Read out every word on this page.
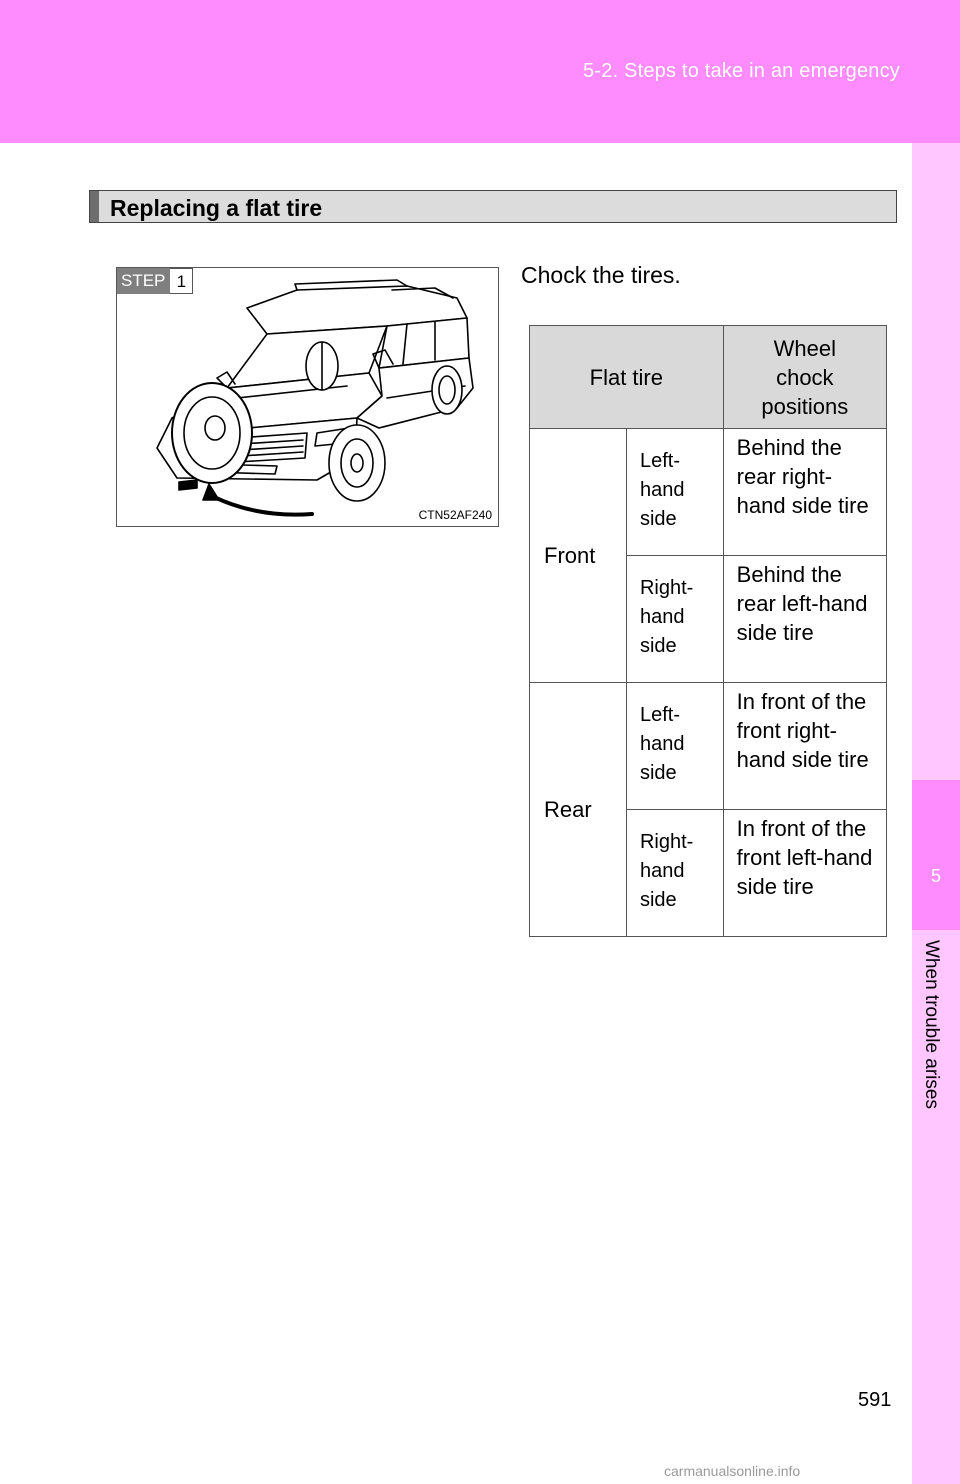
5-2. Steps to take in an emergency
5
When trouble arises
Replacing a flat tire
STEP 1
CTN52AF240
Chock the tires.
Flat tire		Wheel chock positions
Front	Left-hand side	Behind the rear right-hand side tire
	Right-hand side	Behind the rear left-hand side tire
Rear	Left-hand side	In front of the front right-hand side tire
	Right-hand side	In front of the front left-hand side tire
591
carmanualsonline.info
